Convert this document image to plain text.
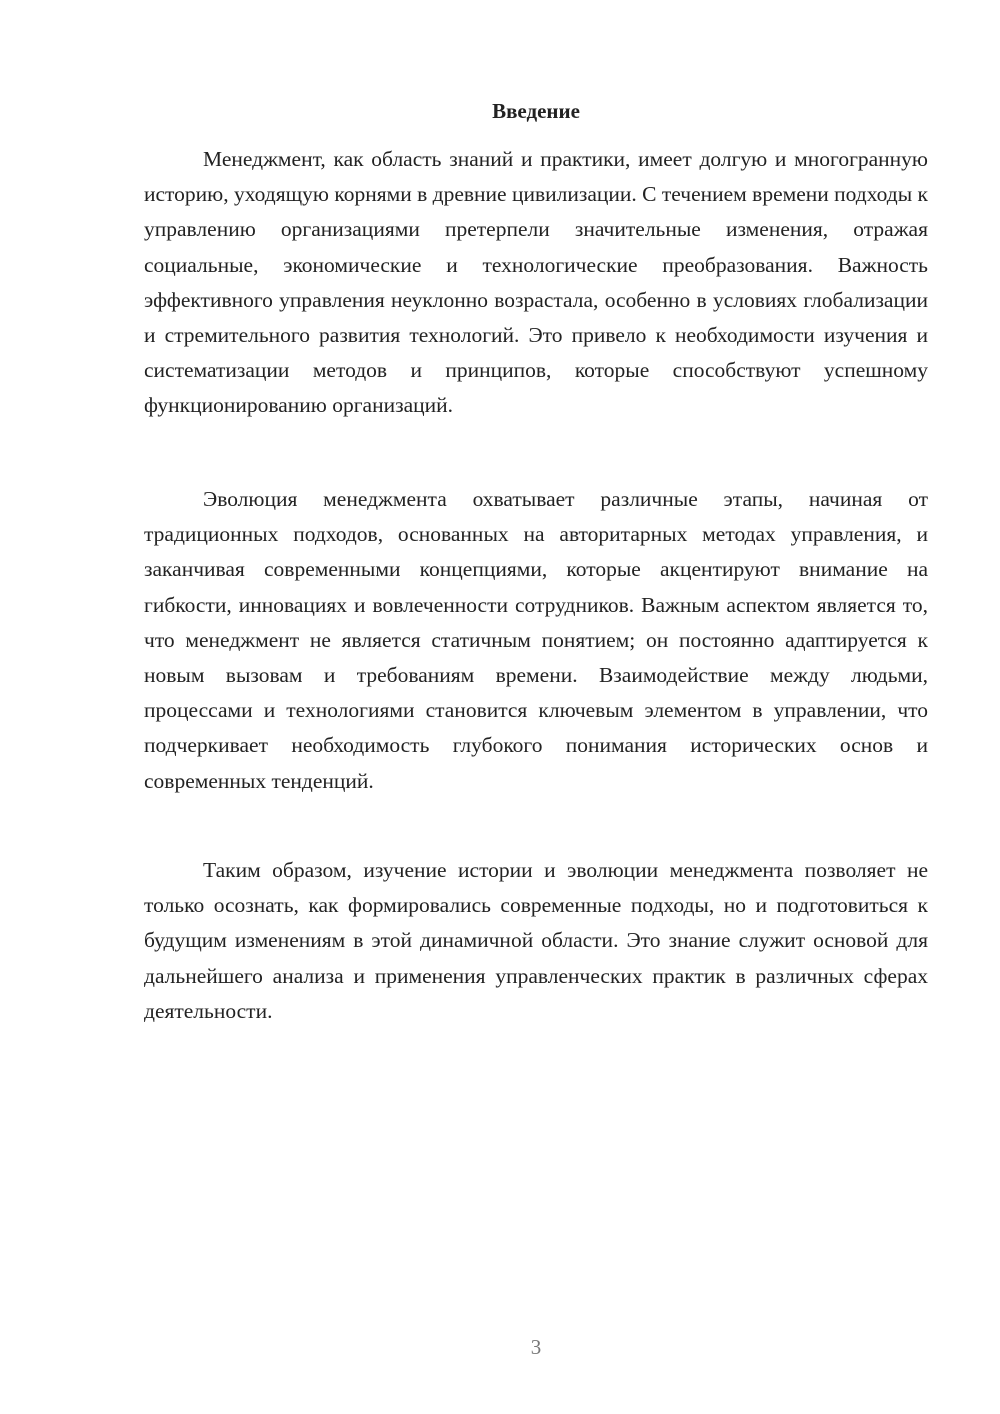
Введение

Менеджмент, как область знаний и практики, имеет долгую и многогранную историю, уходящую корнями в древние цивилизации. С течением времени подходы к управлению организациями претерпели значительные изменения, отражая социальные, экономические и технологические преобразования. Важность эффективного управления неуклонно возрастала, особенно в условиях глобализации и стремительного развития технологий. Это привело к необходимости изучения и систематизации методов и принципов, которые способствуют успешному функционированию организаций.

Эволюция менеджмента охватывает различные этапы, начиная от традиционных подходов, основанных на авторитарных методах управления, и заканчивая современными концепциями, которые акцентируют внимание на гибкости, инновациях и вовлеченности сотрудников. Важным аспектом является то, что менеджмент не является статичным понятием; он постоянно адаптируется к новым вызовам и требованиям времени. Взаимодействие между людьми, процессами и технологиями становится ключевым элементом в управлении, что подчеркивает необходимость глубокого понимания исторических основ и современных тенденций.

Таким образом, изучение истории и эволюции менеджмента позволяет не только осознать, как формировались современные подходы, но и подготовиться к будущим изменениям в этой динамичной области. Это знание служит основой для дальнейшего анализа и применения управленческих практик в различных сферах деятельности.

3
